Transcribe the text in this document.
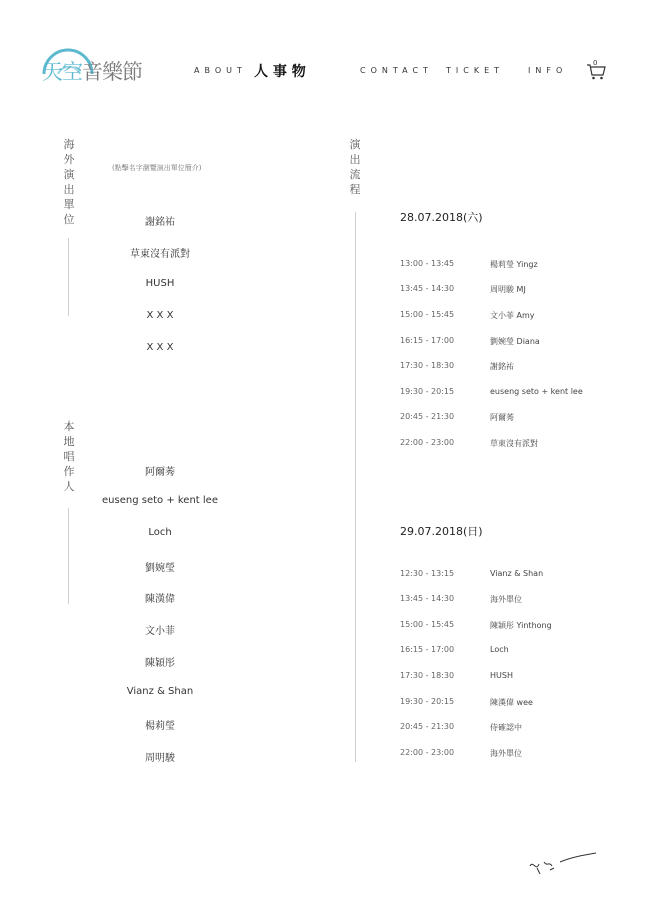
天空音樂節	ABOUT 人 事 物	CONTACT TICKET	INFO
0
海外演出單位
(點擊名字瀏覽演出單位簡介)
謝銘祐
草東沒有派對
HUSH
X X X
X X X
本地唱作人
阿爾莠
euseng seto + kent lee
Loch
劉婉瑩
陳漢偉
文小菲
陳穎彤
Vianz & Shan
楊莉瑩
周明駿
演出流程
28.07.2018(六)
13:00 - 13:45	楊莉瑩 Yingz
13:45 - 14:30	周明駿 MJ
15:00 - 15:45	文小菲 Amy
16:15 - 17:00	劉婉瑩 Diana
17:30 - 18:30	謝銘祐
19:30 - 20:15	euseng seto + kent lee
20:45 - 21:30	阿爾莠
22:00 - 23:00	草東沒有派對
29.07.2018(日)
12:30 - 13:15	Vianz & Shan
13:45 - 14:30	海外單位
15:00 - 15:45	陳穎彤 Yinthong
16:15 - 17:00	Loch
17:30 - 18:30	HUSH
19:30 - 20:15	陳漢偉 wee
20:45 - 21:30	侍確認中
22:00 - 23:00	海外單位
